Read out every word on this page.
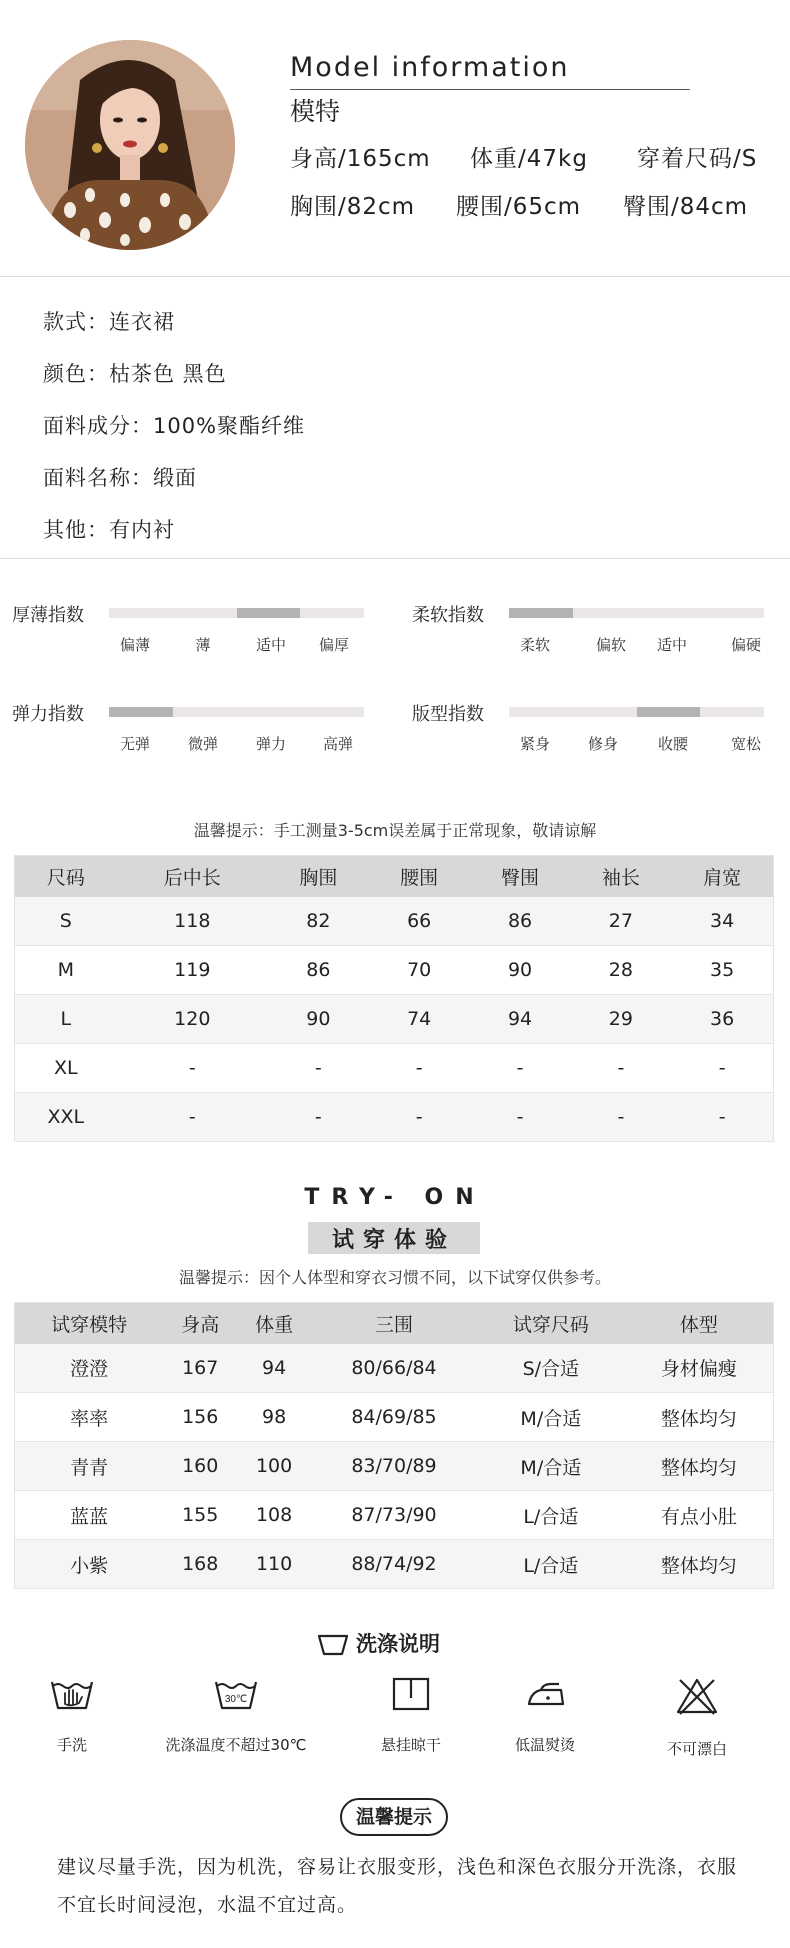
Model information
模特
身高/165cm 体重/47kg 穿着尺码/S
胸围/82cm 腰围/65cm 臀围/84cm
款式：连衣裙
颜色：枯茶色 黑色
面料成分：100%聚酯纤维
面料名称：缎面
其他：有内衬
厚薄指数
偏薄	薄	适中 偏厚
柔软指数
柔软	偏软 适中	偏硬
弹力指数
无弹	微弹	弹力 高弹
版型指数
紧身	修身	收腰	宽松
温馨提示：手工测量3-5cm误差属于正常现象，敬请谅解
尺码	后中长	胸围	腰围	臀围	袖长	肩宽
S	118	82	66	86	27	34
M	119	86	70	90	28	35
L	120	90	74	94	29	36
XL	-	-	-	-	-	-
XXL	-	-	-	-	-	-
TRY- ON
试穿体验
温馨提示：因个人体型和穿衣习惯不同，以下试穿仅供参考。
试穿模特	身高	体重	三围	试穿尺码	体型
澄澄	167	94	80/66/84	S/合适	身材偏瘦
率率	156	98	84/69/85	M/合适	整体均匀
青青	160	100	83/70/89	M/合适	整体均匀
蓝蓝	155	108	87/73/90	L/合适	有点小肚
小紫	168	110	88/74/92	L/合适	整体均匀
洗涤说明
手洗
30℃
洗涤温度不超过30℃	悬挂晾干	低温熨烫	不可漂白
温馨提示
建议尽量手洗，因为机洗，容易让衣服变形，浅色和深色衣服分开洗涤，衣服不宜长时间浸泡，水温不宜过高。
